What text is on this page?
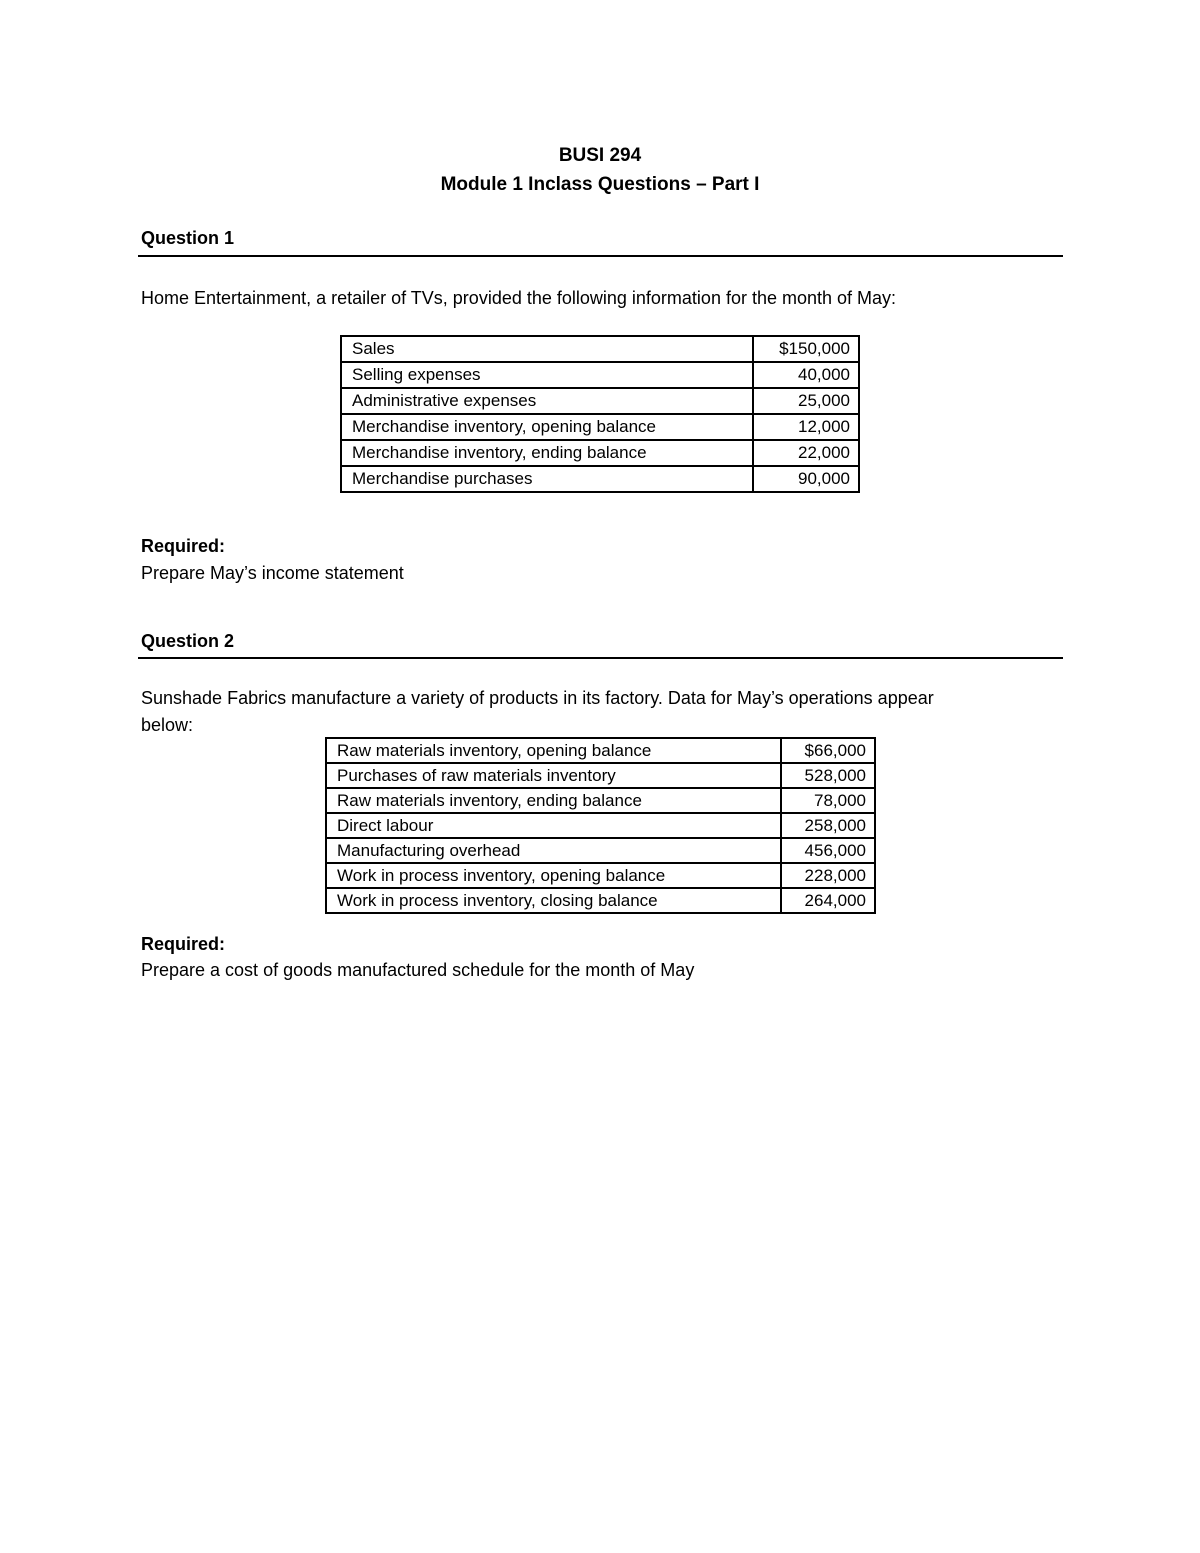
BUSI 294
Module 1 Inclass Questions – Part I
Question 1
Home Entertainment, a retailer of TVs, provided the following information for the month of May:
Sales	$150,000
Selling expenses	40,000
Administrative expenses	25,000
Merchandise inventory, opening balance	12,000
Merchandise inventory, ending balance	22,000
Merchandise purchases	90,000
Required:
Prepare May’s income statement
Question 2
Sunshade Fabrics manufacture a variety of products in its factory. Data for May’s operations appear
below:
Raw materials inventory, opening balance	$66,000
Purchases of raw materials inventory	528,000
Raw materials inventory, ending balance	78,000
Direct labour	258,000
Manufacturing overhead	456,000
Work in process inventory, opening balance	228,000
Work in process inventory, closing balance	264,000
Required:
Prepare a cost of goods manufactured schedule for the month of May
